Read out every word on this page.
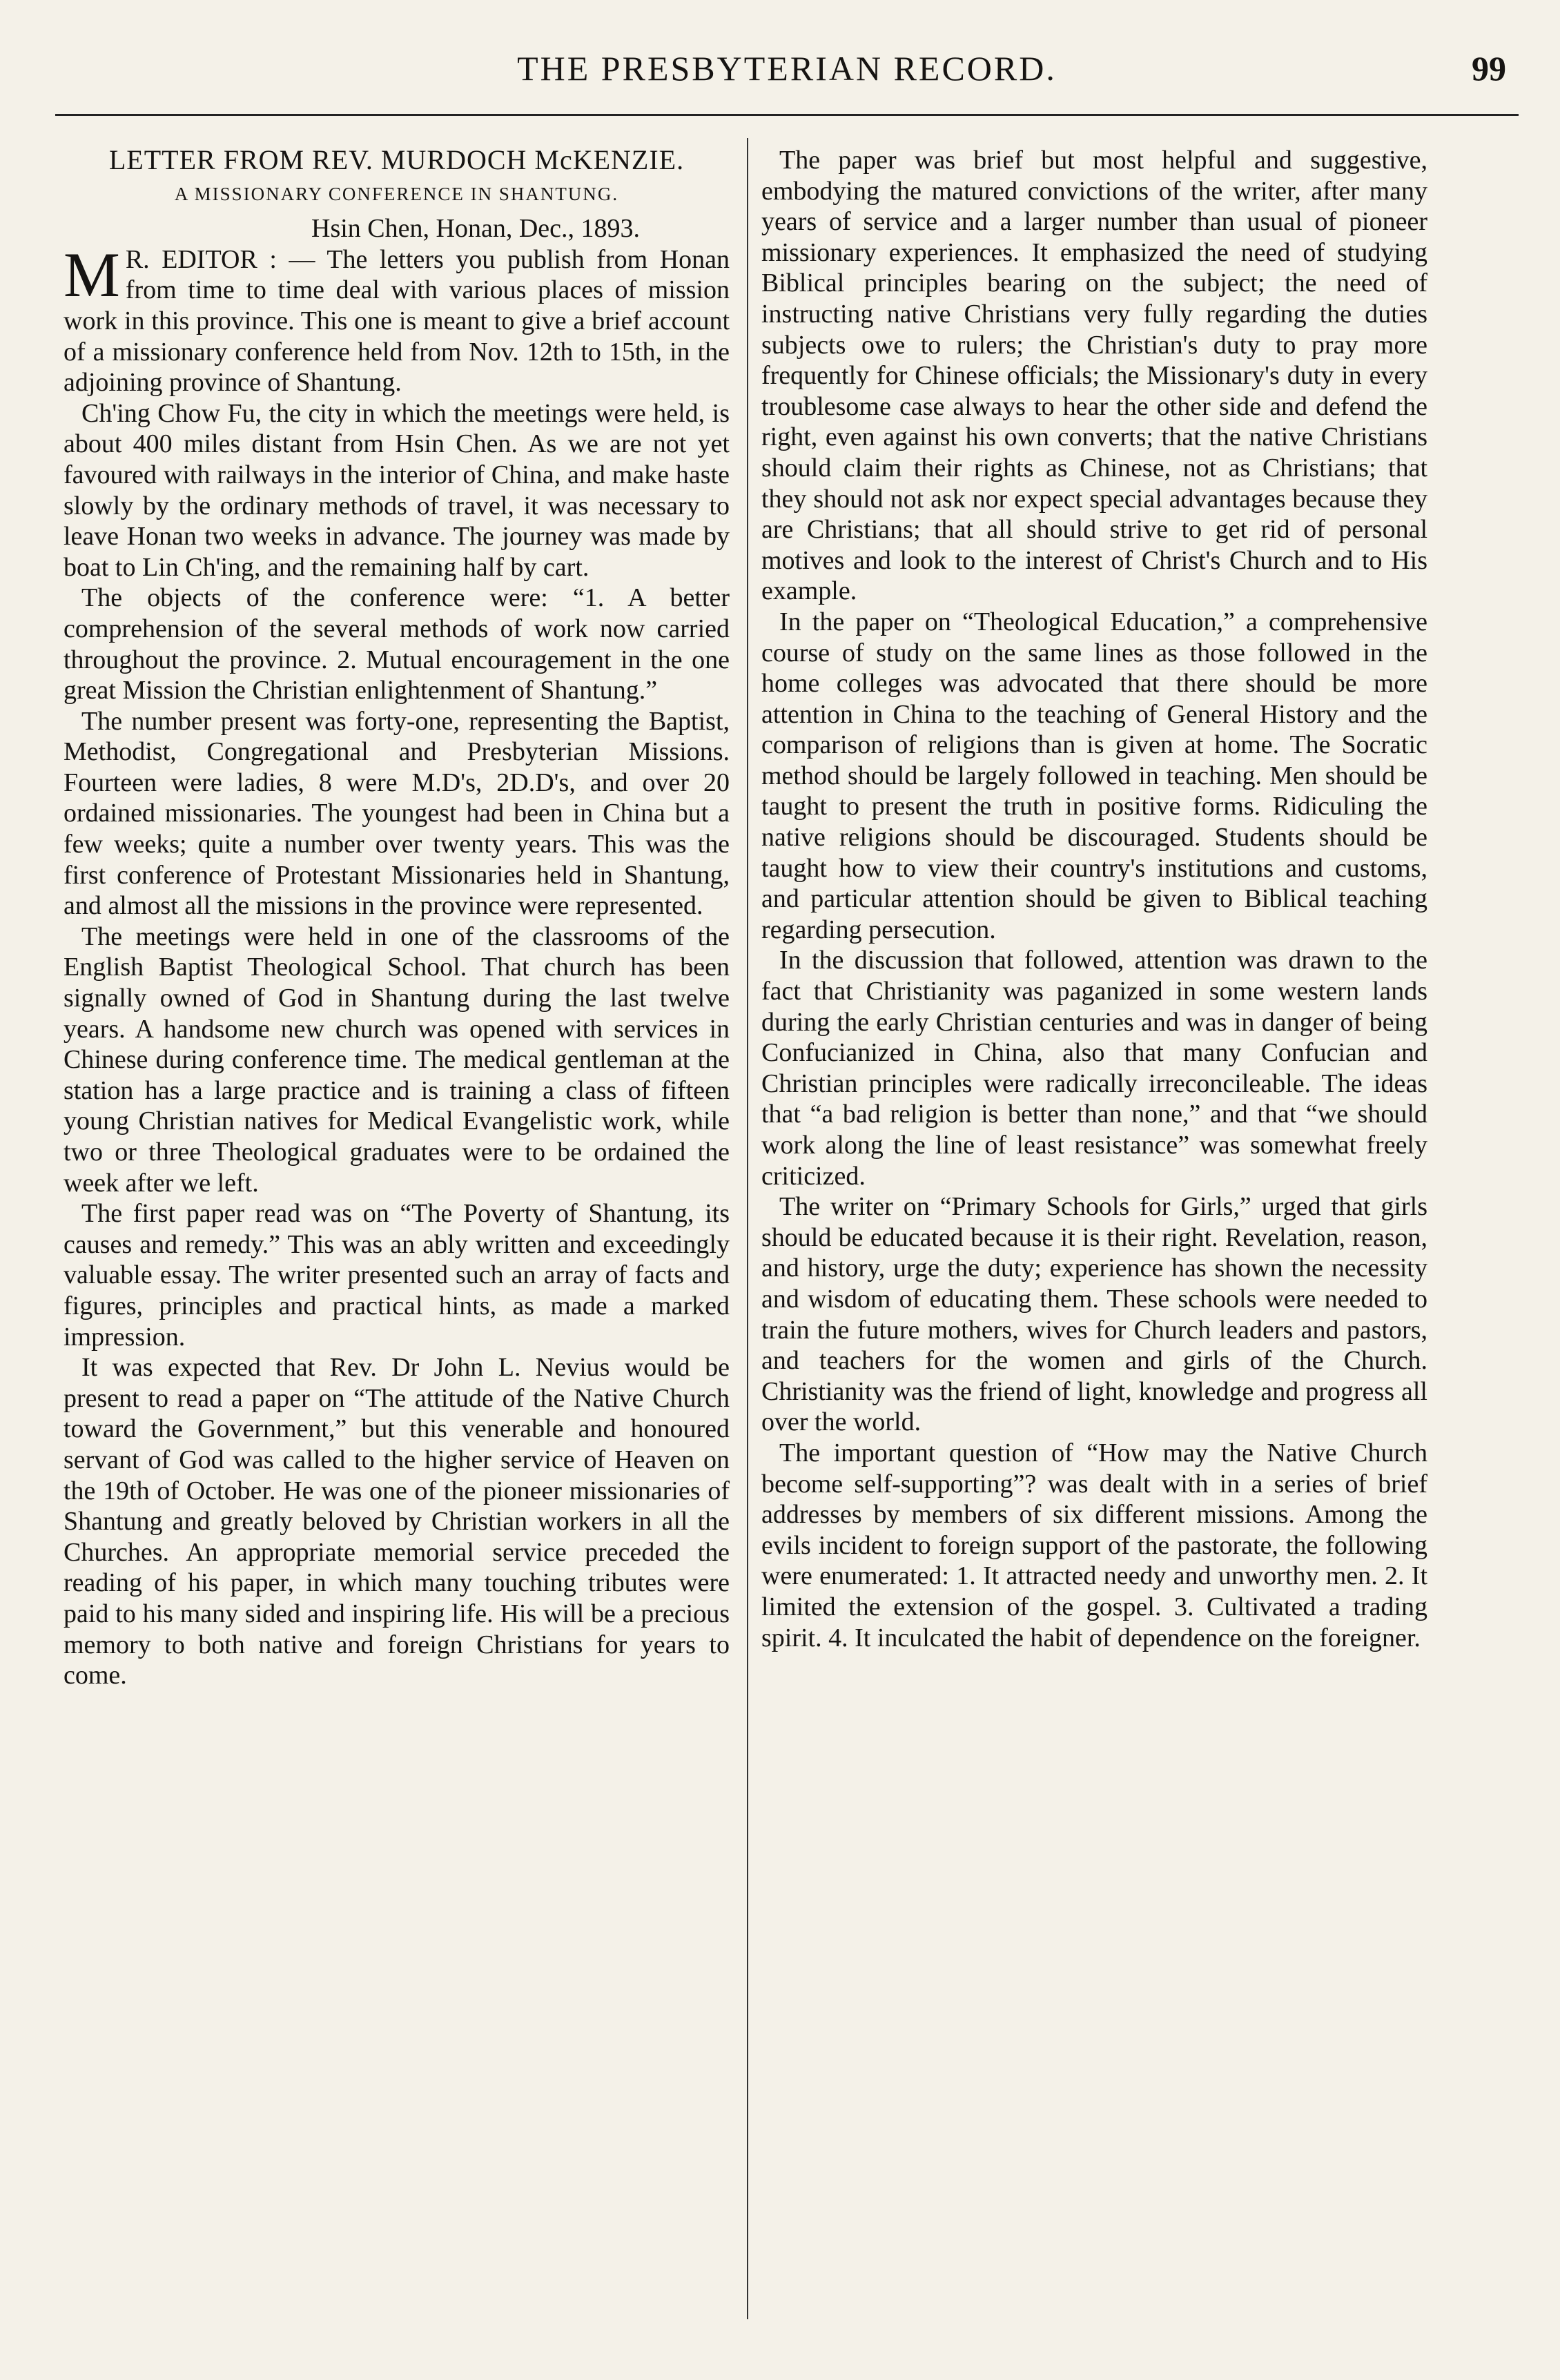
THE PRESBYTERIAN RECORD.	99

LETTER FROM REV. MURDOCH McKENZIE.

A MISSIONARY CONFERENCE IN SHANTUNG.

Hsin Chen, Honan, Dec., 1893.

M R. EDITOR : — The letters you publish from Honan from time to time deal with various places of mission work in this province. This one is meant to give a brief account of a missionary conference held from Nov. 12th to 15th, in the adjoining province of Shantung.

Ch'ing Chow Fu, the city in which the meetings were held, is about 400 miles distant from Hsin Chen. As we are not yet favoured with railways in the interior of China, and make haste slowly by the ordinary methods of travel, it was necessary to leave Honan two weeks in advance. The journey was made by boat to Lin Ch'ing, and the remaining half by cart.

The objects of the conference were: “1. A better comprehension of the several methods of work now carried throughout the province. 2. Mutual encouragement in the one great Mission the Christian enlightenment of Shantung.”

The number present was forty-one, representing the Baptist, Methodist, Congregational and Presbyterian Missions. Fourteen were ladies, 8 were M.D's, 2D.D's, and over 20 ordained missionaries. The youngest had been in China but a few weeks; quite a number over twenty years. This was the first conference of Protestant Missionaries held in Shantung, and almost all the missions in the province were represented.

The meetings were held in one of the classrooms of the English Baptist Theological School. That church has been signally owned of God in Shantung during the last twelve years. A handsome new church was opened with services in Chinese during conference time. The medical gentleman at the station has a large practice and is training a class of fifteen young Christian natives for Medical Evangelistic work, while two or three Theological graduates were to be ordained the week after we left.

The first paper read was on “The Poverty of Shantung, its causes and remedy.” This was an ably written and exceedingly valuable essay. The writer presented such an array of facts and figures, principles and practical hints, as made a marked impression.

It was expected that Rev. Dr John L. Nevius would be present to read a paper on “The attitude of the Native Church toward the Government,” but this venerable and honoured servant of God was called to the higher service of Heaven on the 19th of October. He was one of the pioneer missionaries of Shantung and greatly beloved by Christian workers in all the Churches. An appropriate memorial service preceded the reading of his paper, in which many touching tributes were paid to his many sided and inspiring life. His will be a precious memory to both native and foreign Christians for years to come.

The paper was brief but most helpful and suggestive, embodying the matured convictions of the writer, after many years of service and a larger number than usual of pioneer missionary experiences. It emphasized the need of studying Biblical principles bearing on the subject; the need of instructing native Christians very fully regarding the duties subjects owe to rulers; the Christian's duty to pray more frequently for Chinese officials; the Missionary's duty in every troublesome case always to hear the other side and defend the right, even against his own converts; that the native Christians should claim their rights as Chinese, not as Christians; that they should not ask nor expect special advantages because they are Christians; that all should strive to get rid of personal motives and look to the interest of Christ's Church and to His example.

In the paper on “Theological Education,” a comprehensive course of study on the same lines as those followed in the home colleges was advocated that there should be more attention in China to the teaching of General History and the comparison of religions than is given at home. The Socratic method should be largely followed in teaching. Men should be taught to present the truth in positive forms. Ridiculing the native religions should be discouraged. Students should be taught how to view their country's institutions and customs, and particular attention should be given to Biblical teaching regarding persecution.

In the discussion that followed, attention was drawn to the fact that Christianity was paganized in some western lands during the early Christian centuries and was in danger of being Confucianized in China, also that many Confucian and Christian principles were radically irreconcileable. The ideas that “a bad religion is better than none,” and that “we should work along the line of least resistance” was somewhat freely criticized.

The writer on “Primary Schools for Girls,” urged that girls should be educated because it is their right. Revelation, reason, and history, urge the duty; experience has shown the necessity and wisdom of educating them. These schools were needed to train the future mothers, wives for Church leaders and pastors, and teachers for the women and girls of the Church. Christianity was the friend of light, knowledge and progress all over the world.

The important question of “How may the Native Church become self-supporting”? was dealt with in a series of brief addresses by members of six different missions. Among the evils incident to foreign support of the pastorate, the following were enumerated: 1. It attracted needy and unworthy men. 2. It limited the extension of the gospel. 3. Cultivated a trading spirit. 4. It inculcated the habit of dependence on the foreigner.
